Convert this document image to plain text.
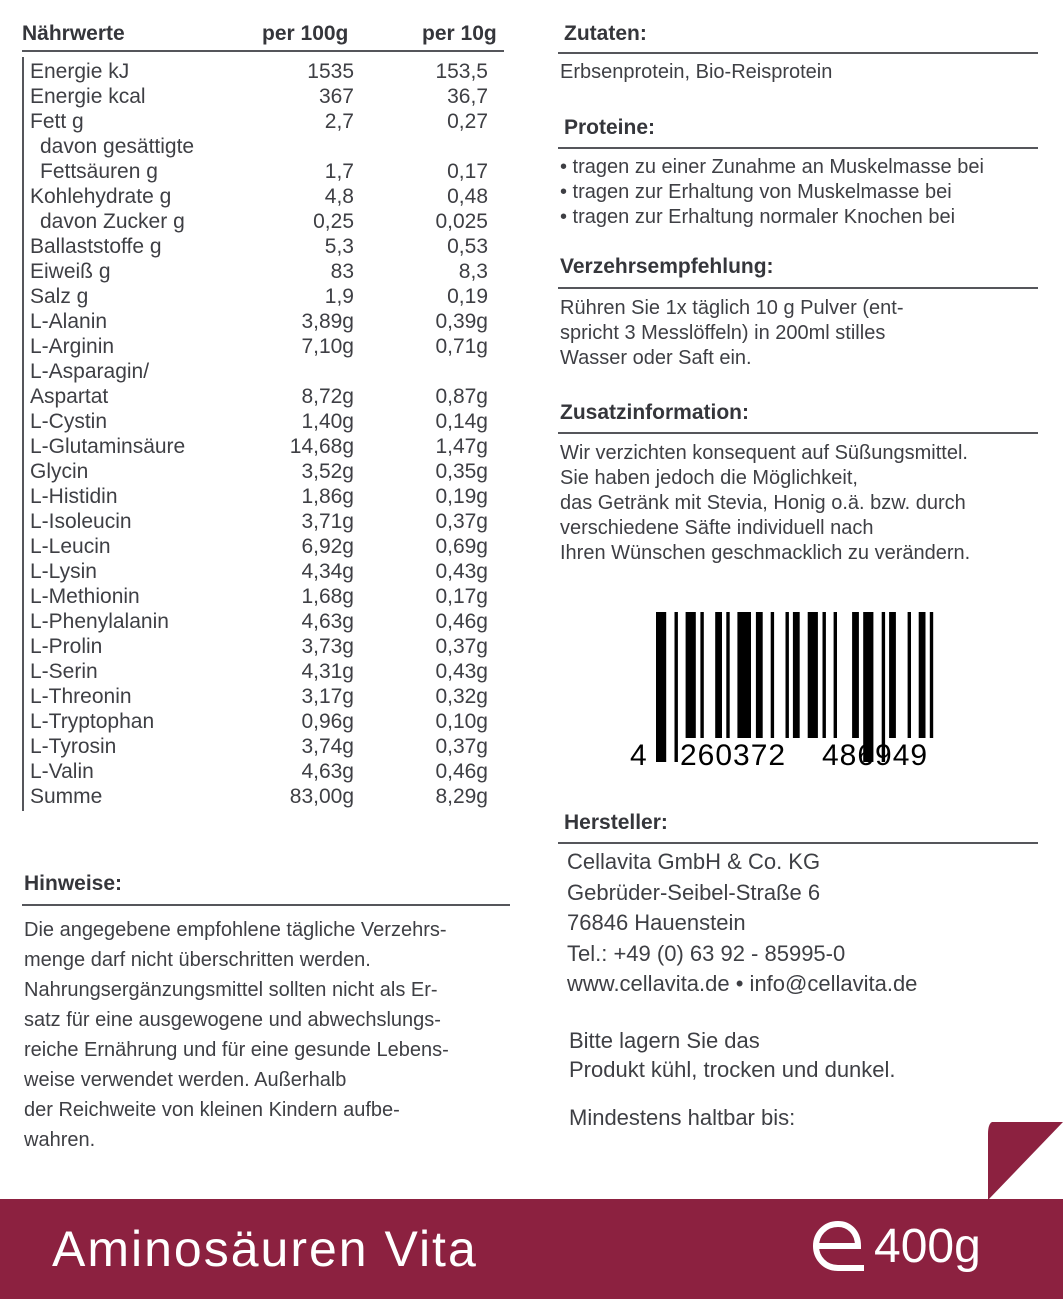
Nährwerte	per 100g	per 10g
Energie kJ	1535	153,5
Energie kcal	367	36,7
Fett g	2,7	0,27
davon gesättigte
Fettsäuren g	1,7	0,17
Kohlehydrate g	4,8	0,48
davon Zucker g	0,25	0,025
Ballaststoffe g	5,3	0,53
Eiweiß g	83	8,3
Salz g	1,9	0,19
L-Alanin	3,89g	0,39g
L-Arginin	7,10g	0,71g
L-Asparagin/
Aspartat	8,72g	0,87g
L-Cystin	1,40g	0,14g
L-Glutaminsäure	14,68g	1,47g
Glycin	3,52g	0,35g
L-Histidin	1,86g	0,19g
L-Isoleucin	3,71g	0,37g
L-Leucin	6,92g	0,69g
L-Lysin	4,34g	0,43g
L-Methionin	1,68g	0,17g
L-Phenylalanin	4,63g	0,46g
L-Prolin	3,73g	0,37g
L-Serin	4,31g	0,43g
L-Threonin	3,17g	0,32g
L-Tryptophan	0,96g	0,10g
L-Tyrosin	3,74g	0,37g
L-Valin	4,63g	0,46g
Summe	83,00g	8,29g
Hinweise:
Die angegebene empfohlene tägliche Verzehrs-
menge darf nicht überschritten werden.
Nahrungsergänzungsmittel sollten nicht als Er-
satz für eine ausgewogene und abwechslungs-
reiche Ernährung und für eine gesunde Lebens-
weise verwendet werden. Außerhalb
der Reichweite von kleinen Kindern aufbe-
wahren.
Zutaten:
Erbsenprotein, Bio-Reisprotein
Proteine:
• tragen zu einer Zunahme an Muskelmasse bei
• tragen zur Erhaltung von Muskelmasse bei
• tragen zur Erhaltung normaler Knochen bei
Verzehrsempfehlung:
Rühren Sie 1x täglich 10 g Pulver (ent-
spricht 3 Messlöffeln) in 200ml stilles
Wasser oder Saft ein.
Zusatzinformation:
Wir verzichten konsequent auf Süßungsmittel.
Sie haben jedoch die Möglichkeit,
das Getränk mit Stevia, Honig o.ä. bzw. durch
verschiedene Säfte individuell nach
Ihren Wünschen geschmacklich zu verändern.
4 260372 486949
Hersteller:
Cellavita GmbH & Co. KG
Gebrüder-Seibel-Straße 6
76846 Hauenstein
Tel.: +49 (0) 63 92 - 85995-0
www.cellavita.de • info@cellavita.de
Bitte lagern Sie das
Produkt kühl, trocken und dunkel.
Mindestens haltbar bis:
Aminosäuren Vita	400g
